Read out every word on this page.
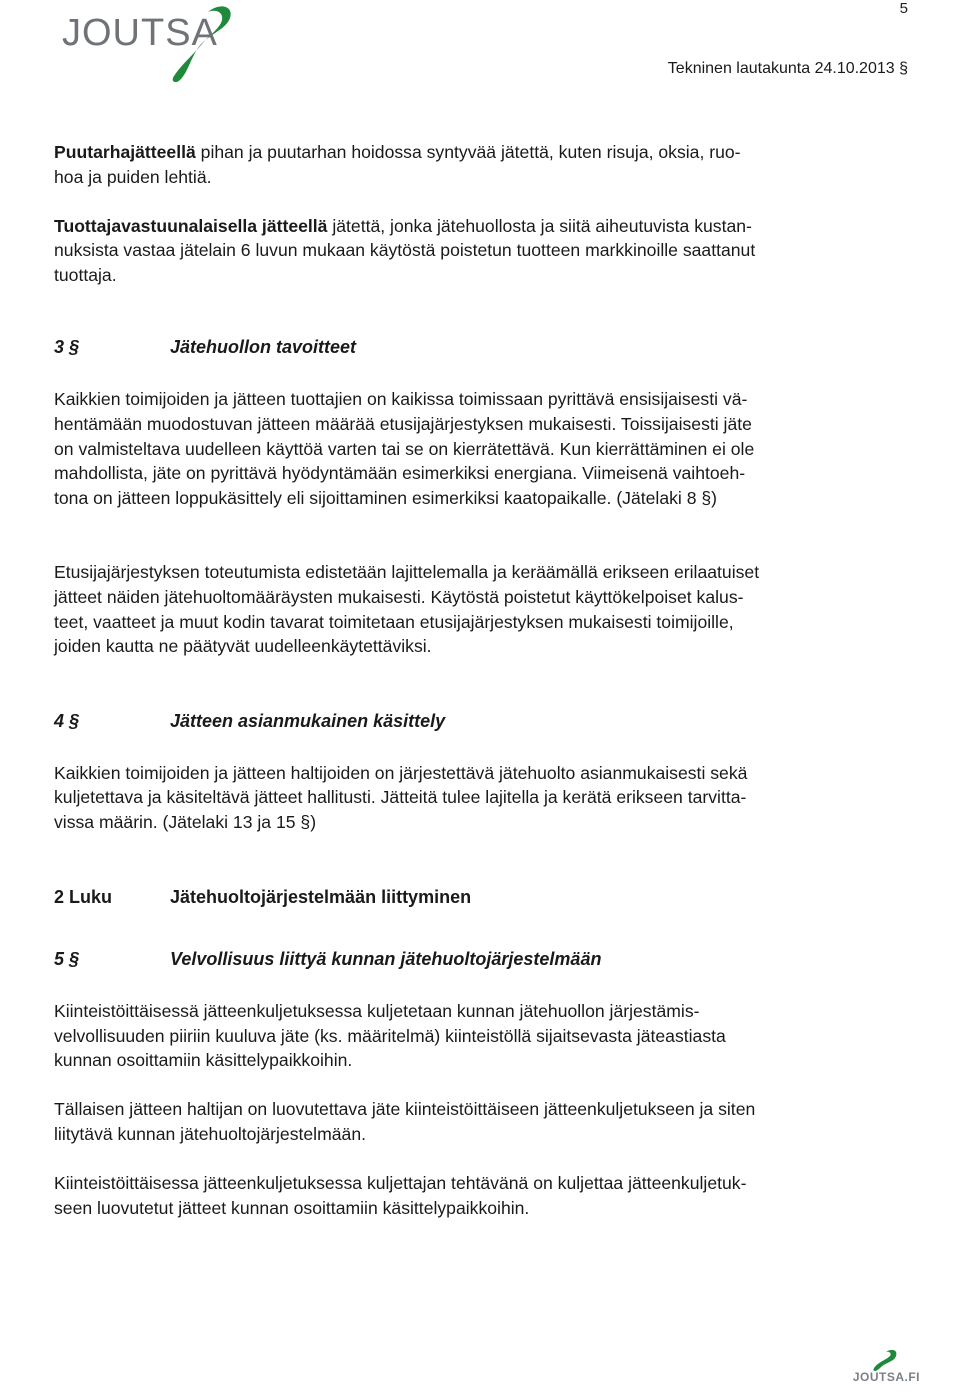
5
JOUTSA
Tekninen lautakunta 24.10.2013 §

Puutarhajätteellä pihan ja puutarhan hoidossa syntyvää jätettä, kuten risuja, oksia, ruo-
hoa ja puiden lehtiä.

Tuottajavastuunalaisella jätteellä jätettä, jonka jätehuollosta ja siitä aiheutuvista kustan-
nuksista vastaa jätelain 6 luvun mukaan käytöstä poistetun tuotteen markkinoille saattanut
tuottaja.

3 §	Jätehuollon tavoitteet

Kaikkien toimijoiden ja jätteen tuottajien on kaikissa toimissaan pyrittävä ensisijaisesti vä-
hentämään muodostuvan jätteen määrää etusijajärjestyksen mukaisesti. Toissijaisesti jäte
on valmisteltava uudelleen käyttöä varten tai se on kierrätettävä. Kun kierrättäminen ei ole
mahdollista, jäte on pyrittävä hyödyntämään esimerkiksi energiana. Viimeisenä vaihtoeh-
tona on jätteen loppukäsittely eli sijoittaminen esimerkiksi kaatopaikalle. (Jätelaki 8 §)

Etusijajärjestyksen toteutumista edistetään lajittelemalla ja keräämällä erikseen erilaatuiset
jätteet näiden jätehuoltomääräysten mukaisesti. Käytöstä poistetut käyttökelpoiset kalus-
teet, vaatteet ja muut kodin tavarat toimitetaan etusijajärjestyksen mukaisesti toimijoille,
joiden kautta ne päätyvät uudelleenkäytettäviksi.

4 §	Jätteen asianmukainen käsittely

Kaikkien toimijoiden ja jätteen haltijoiden on järjestettävä jätehuolto asianmukaisesti sekä
kuljetettava ja käsiteltävä jätteet hallitusti. Jätteitä tulee lajitella ja kerätä erikseen tarvitta-
vissa määrin. (Jätelaki 13 ja 15 §)

2 Luku	Jätehuoltojärjestelmään liittyminen
5 §	Velvollisuus liittyä kunnan jätehuoltojärjestelmään

Kiinteistöittäisessä jätteenkuljetuksessa kuljetetaan kunnan jätehuollon järjestämis-
velvollisuuden piiriin kuuluva jäte (ks. määritelmä) kiinteistöllä sijaitsevasta jäteastiasta
kunnan osoittamiin käsittelypaikkoihin.

Tällaisen jätteen haltijan on luovutettava jäte kiinteistöittäiseen jätteenkuljetukseen ja siten
liitytävä kunnan jätehuoltojärjestelmään.

Kiinteistöittäisessa jätteenkuljetuksessa kuljettajan tehtävänä on kuljettaa jätteenkuljetuk-
seen luovutetut jätteet kunnan osoittamiin käsittelypaikkoihin.

JOUTSA.FI
